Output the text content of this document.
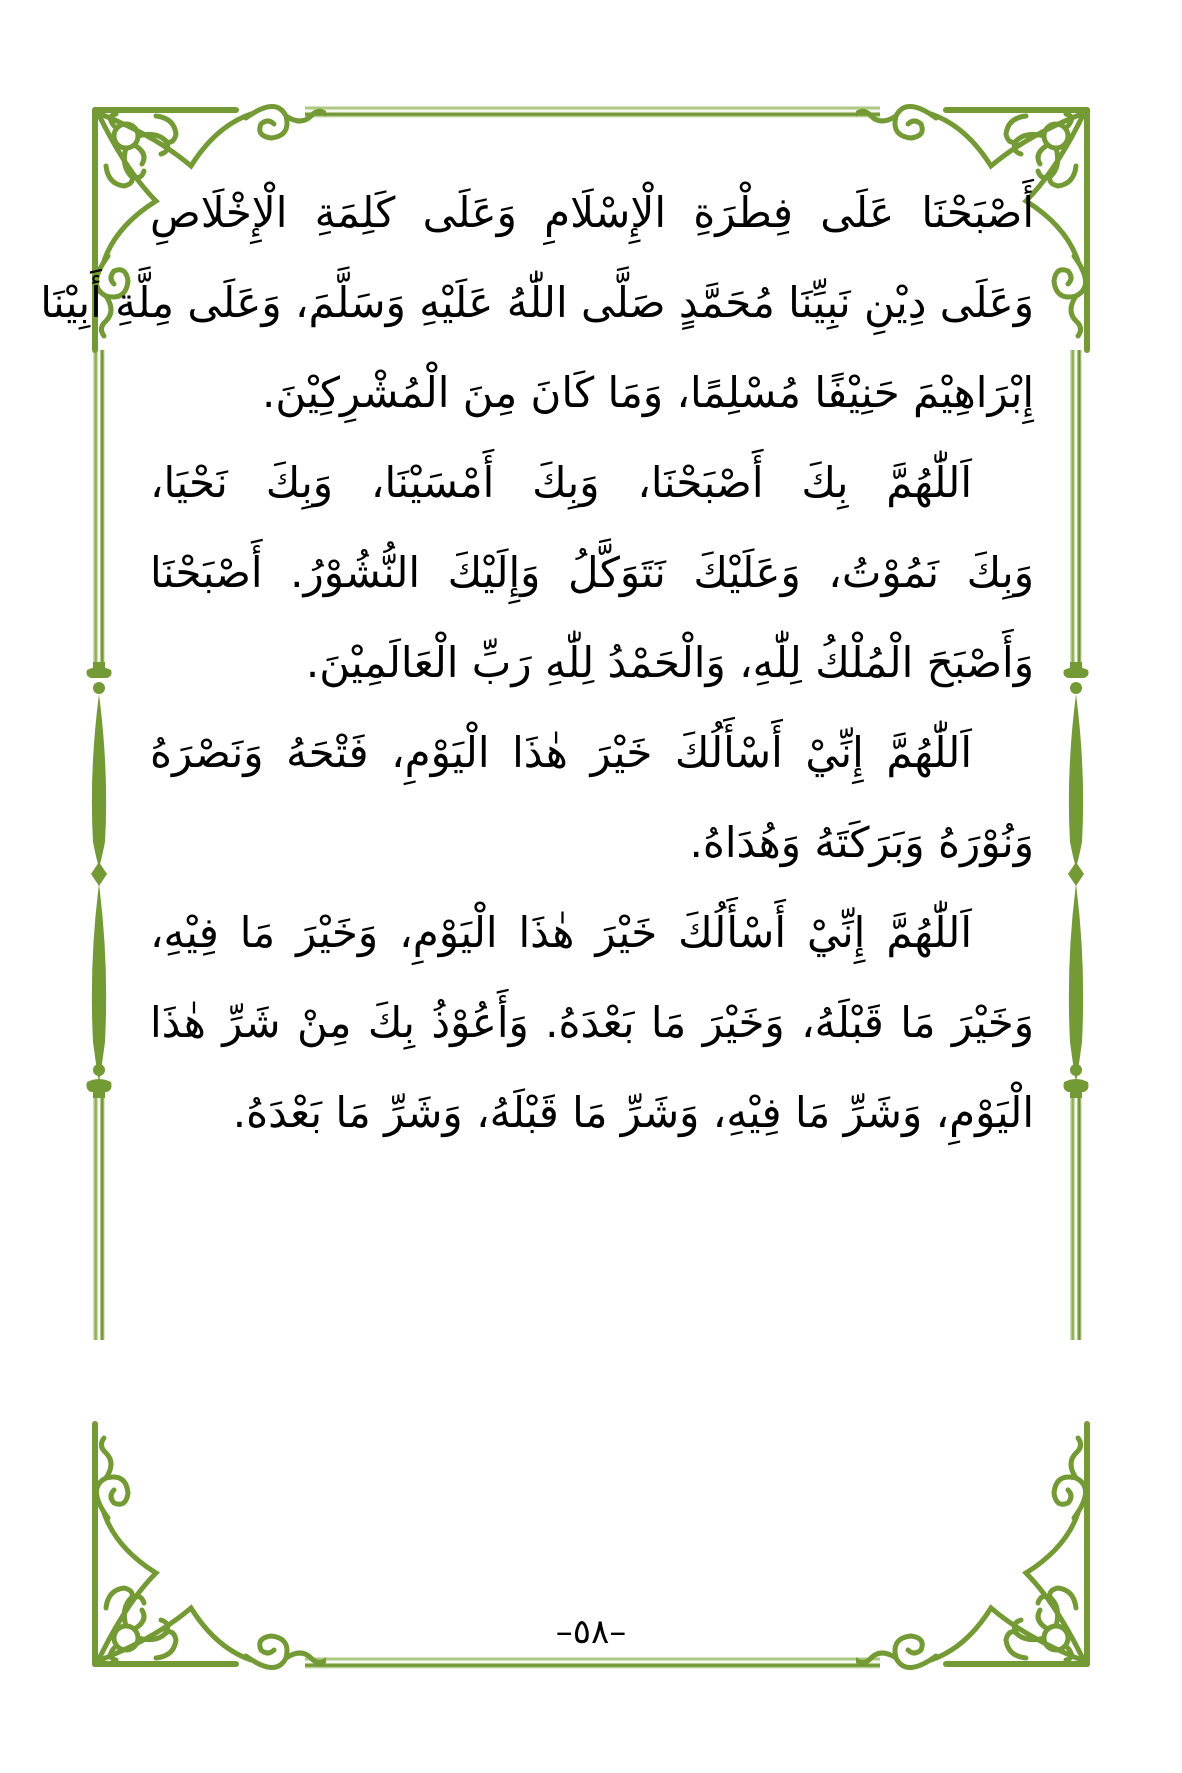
أَصْبَحْنَا عَلَى فِطْرَةِ الْإِسْلَامِ وَعَلَى كَلِمَةِ الْإِخْلَاصِ
وَعَلَى دِيْنِ نَبِيِّنَا مُحَمَّدٍ صَلَّى اللّٰهُ عَلَيْهِ وَسَلَّمَ، وَعَلَى مِلَّةِ أَبِيْنَا
إِبْرَاهِيْمَ حَنِيْفًا مُسْلِمًا، وَمَا كَانَ مِنَ الْمُشْرِكِيْنَ.
اَللّٰهُمَّ بِكَ أَصْبَحْنَا، وَبِكَ أَمْسَيْنَا، وَبِكَ نَحْيَا،
وَبِكَ نَمُوْتُ، وَعَلَيْكَ نَتَوَكَّلُ وَإِلَيْكَ النُّشُوْرُ. أَصْبَحْنَا
وَأَصْبَحَ الْمُلْكُ لِلّٰهِ، وَالْحَمْدُ لِلّٰهِ رَبِّ الْعَالَمِيْنَ.
اَللّٰهُمَّ إِنِّيْ أَسْأَلُكَ خَيْرَ هٰذَا الْيَوْمِ، فَتْحَهُ وَنَصْرَهُ
وَنُوْرَهُ وَبَرَكَتَهُ وَهُدَاهُ.
اَللّٰهُمَّ إِنِّيْ أَسْأَلُكَ خَيْرَ هٰذَا الْيَوْمِ، وَخَيْرَ مَا فِيْهِ،
وَخَيْرَ مَا قَبْلَهُ، وَخَيْرَ مَا بَعْدَهُ. وَأَعُوْذُ بِكَ مِنْ شَرِّ هٰذَا
الْيَوْمِ، وَشَرِّ مَا فِيْهِ، وَشَرِّ مَا قَبْلَهُ، وَشَرِّ مَا بَعْدَهُ.
–٥٨–
